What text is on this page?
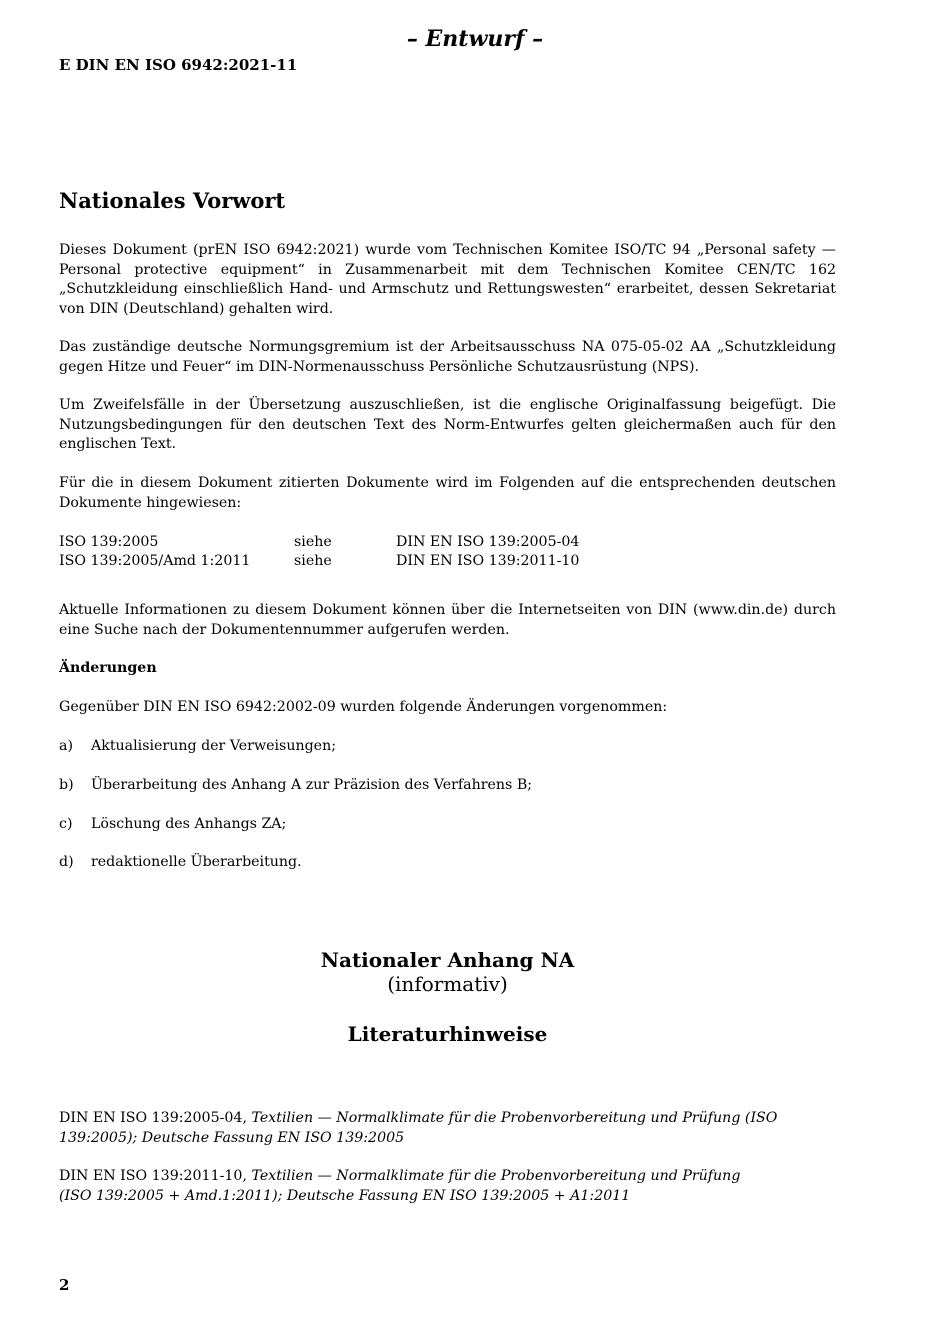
– Entwurf –
E DIN EN ISO 6942:2021-11
Nationales Vorwort
Dieses Dokument (prEN ISO 6942:2021) wurde vom Technischen Komitee ISO/TC 94 „Personal safety — Personal protective equipment“ in Zusammenarbeit mit dem Technischen Komitee CEN/TC 162 „Schutzkleidung einschließlich Hand- und Armschutz und Rettungswesten“ erarbeitet, dessen Sekretariat von DIN (Deutschland) gehalten wird.
Das zuständige deutsche Normungsgremium ist der Arbeitsausschuss NA 075-05-02 AA „Schutzkleidung gegen Hitze und Feuer“ im DIN-Normenausschuss Persönliche Schutzausrüstung (NPS).
Um Zweifelsfälle in der Übersetzung auszuschließen, ist die englische Originalfassung beigefügt. Die Nutzungsbedingungen für den deutschen Text des Norm-Entwurfes gelten gleichermaßen auch für den englischen Text.
Für die in diesem Dokument zitierten Dokumente wird im Folgenden auf die entsprechenden deutschen Dokumente hingewiesen:
ISO 139:2005	siehe	DIN EN ISO 139:2005-04
ISO 139:2005/Amd 1:2011	siehe	DIN EN ISO 139:2011-10
Aktuelle Informationen zu diesem Dokument können über die Internetseiten von DIN (www.din.de) durch eine Suche nach der Dokumentennummer aufgerufen werden.
Änderungen
Gegenüber DIN EN ISO 6942:2002-09 wurden folgende Änderungen vorgenommen:
a) Aktualisierung der Verweisungen;
b) Überarbeitung des Anhang A zur Präzision des Verfahrens B;
c) Löschung des Anhangs ZA;
d) redaktionelle Überarbeitung.
Nationaler Anhang NA
(informativ)
Literaturhinweise
DIN EN ISO 139:2005-04, Textilien — Normalklimate für die Probenvorbereitung und Prüfung (ISO 139:2005); Deutsche Fassung EN ISO 139:2005
DIN EN ISO 139:2011-10, Textilien — Normalklimate für die Probenvorbereitung und Prüfung
(ISO 139:2005 + Amd.1:2011); Deutsche Fassung EN ISO 139:2005 + A1:2011
2
